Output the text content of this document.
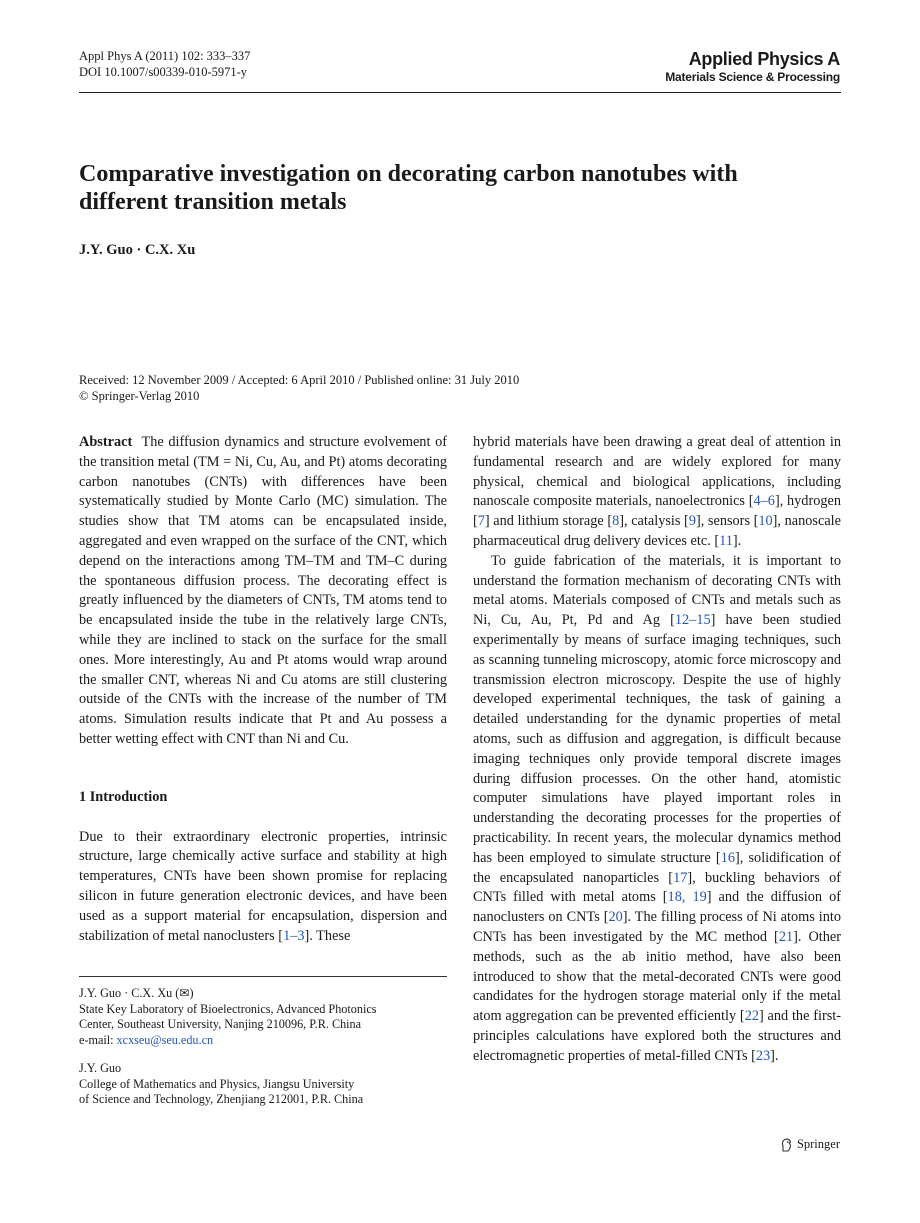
Appl Phys A (2011) 102: 333–337
DOI 10.1007/s00339-010-5971-y
Applied Physics A
Materials Science & Processing
Comparative investigation on decorating carbon nanotubes with different transition metals
J.Y. Guo · C.X. Xu
Received: 12 November 2009 / Accepted: 6 April 2010 / Published online: 31 July 2010
© Springer-Verlag 2010

Abstract The diffusion dynamics and structure evolvement of the transition metal (TM = Ni, Cu, Au, and Pt) atoms decorating carbon nanotubes (CNTs) with differences have been systematically studied by Monte Carlo (MC) simulation. The studies show that TM atoms can be encapsulated inside, aggregated and even wrapped on the surface of the CNT, which depend on the interactions among TM–TM and TM–C during the spontaneous diffusion process. The decorating effect is greatly influenced by the diameters of CNTs, TM atoms tend to be encapsulated inside the tube in the relatively large CNTs, while they are inclined to stack on the surface for the small ones. More interestingly, Au and Pt atoms would wrap around the smaller CNT, whereas Ni and Cu atoms are still clustering outside of the CNTs with the increase of the number of TM atoms. Simulation results indicate that Pt and Au possess a better wetting effect with CNT than Ni and Cu.

1 Introduction

Due to their extraordinary electronic properties, intrinsic structure, large chemically active surface and stability at high temperatures, CNTs have been shown promise for replacing silicon in future generation electronic devices, and have been used as a support material for encapsulation, dispersion and stabilization of metal nanoclusters [1–3]. These

J.Y. Guo · C.X. Xu (✉)
State Key Laboratory of Bioelectronics, Advanced Photonics
Center, Southeast University, Nanjing 210096, P.R. China
e-mail: xcxseu@seu.edu.cn
J.Y. Guo
College of Mathematics and Physics, Jiangsu University
of Science and Technology, Zhenjiang 212001, P.R. China

hybrid materials have been drawing a great deal of attention in fundamental research and are widely explored for many physical, chemical and biological applications, including nanoscale composite materials, nanoelectronics [4–6], hydrogen [7] and lithium storage [8], catalysis [9], sensors [10], nanoscale pharmaceutical drug delivery devices etc. [11].

To guide fabrication of the materials, it is important to understand the formation mechanism of decorating CNTs with metal atoms. Materials composed of CNTs and metals such as Ni, Cu, Au, Pt, Pd and Ag [12–15] have been studied experimentally by means of surface imaging techniques, such as scanning tunneling microscopy, atomic force microscopy and transmission electron microscopy. Despite the use of highly developed experimental techniques, the task of gaining a detailed understanding for the dynamic properties of metal atoms, such as diffusion and aggregation, is difficult because imaging techniques only provide temporal discrete images during diffusion processes. On the other hand, atomistic computer simulations have played important roles in understanding the decorating processes for the properties of practicability. In recent years, the molecular dynamics method has been employed to simulate structure [16], solidification of the encapsulated nanoparticles [17], buckling behaviors of CNTs filled with metal atoms [18, 19] and the diffusion of nanoclusters on CNTs [20]. The filling process of Ni atoms into CNTs has been investigated by the MC method [21]. Other methods, such as the ab initio method, have also been introduced to show that the metal-decorated CNTs were good candidates for the hydrogen storage material only if the metal atom aggregation can be prevented efficiently [22] and the first-principles calculations have explored both the structures and electromagnetic properties of metal-filled CNTs [23].

Springer
